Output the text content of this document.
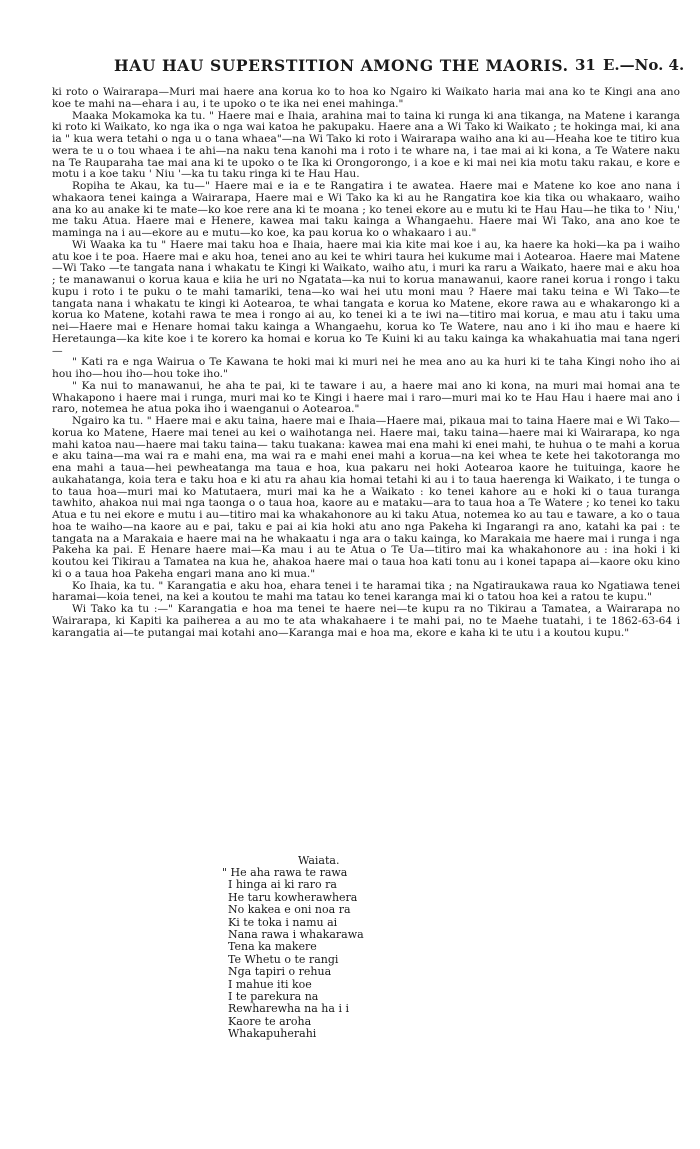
HAU HAU SUPERSTITION AMONG THE MAORIS. 31 E.—No. 4.

ki roto o Wairarapa—Muri mai haere ana korua ko to hoa ko Ngairo ki Waikato haria mai ana ko te Kingi ana ano koe te mahi na—ehara i au, i te upoko o te ika nei enei mahinga."

Maaka Mokamoka ka tu. " Haere mai e Ihaia, arahina mai to taina ki runga ki ana tikanga, na Matene i karanga ki roto ki Waikato, ko nga ika o nga wai katoa he pakupaku. Haere ana a Wi Tako ki Waikato ; te hokinga mai, ki ana ia " kua wera tetahi o nga u o tana whaea"—na Wi Tako ki roto i Wairarapa waiho ana ki au—Heaha koe te titiro kua wera te u o tou whaea i te ahi—na naku tena kanohi ma i roto i te whare na, i tae mai ai ki kona, a Te Watere naku na Te Rauparaha tae mai ana ki te upoko o te Ika ki Orongorongo, i a koe e ki mai nei kia motu taku rakau, e kore e motu i a koe taku ' Niu '—ka tu taku ringa ki te Hau Hau.

Ropiha te Akau, ka tu—" Haere mai e ia e te Rangatira i te awatea. Haere mai e Matene ko koe ano nana i whakaora tenei kainga a Wairarapa, Haere mai e Wi Tako ka ki au he Rangatira koe kia tika ou whakaaro, waiho ana ko au anake ki te mate—ko koe rere ana ki te moana ; ko tenei ekore au e mutu ki te Hau Hau—he tika to ' Niu,' me taku Atua. Haere mai e Henere, kawea mai taku kainga a Whangaehu. Haere mai Wi Tako, ana ano koe te maminga na i au—ekore au e mutu—ko koe, ka pau korua ko o whakaaro i au."

Wi Waaka ka tu " Haere mai taku hoa e Ihaia, haere mai kia kite mai koe i au, ka haere ka hoki—ka pa i waiho atu koe i te poa. Haere mai e aku hoa, tenei ano au kei te whiri taura hei kukume mai i Aotearoa. Haere mai Matene—Wi Tako —te tangata nana i whakatu te Kingi ki Waikato, waiho atu, i muri ka raru a Waikato, haere mai e aku hoa ; te manawanui o korua kaua e kiia he uri no Ngatata—ka nui to korua manawanui, kaore ranei korua i rongo i taku kupu i roto i te puku o te mahi tamariki, tena—ko wai hei utu moni mau ? Haere mai taku teina e Wi Tako—te tangata nana i whakatu te kingi ki Aotearoa, te whai tangata e korua ko Matene, ekore rawa au e whakarongo ki a korua ko Matene, kotahi rawa te mea i rongo ai au, ko tenei ki a te iwi na—titiro mai korua, e mau atu i taku uma nei—Haere mai e Henare homai taku kainga a Whangaehu, korua ko Te Watere, nau ano i ki iho mau e haere ki Heretaunga—ka kite koe i te korero ka homai e korua ko Te Kuini ki au taku kainga ka whakahuatia mai tana ngeri—

" Kati ra e nga Wairua o Te Kawana te hoki mai ki muri nei he mea ano au ka huri ki te taha Kingi noho iho ai hou iho—hou iho—hou toke iho."

" Ka nui to manawanui, he aha te pai, ki te taware i au, a haere mai ano ki kona, na muri mai homai ana te Whakapono i haere mai i runga, muri mai ko te Kingi i haere mai i raro—muri mai ko te Hau Hau i haere mai ano i raro, notemea he atua poka iho i waenganui o Aotearoa."

Ngairo ka tu. " Haere mai e aku taina, haere mai e Ihaia—Haere mai, pikaua mai to taina Haere mai e Wi Tako—korua ko Matene, Haere mai tenei au kei o waihotanga nei. Haere mai, taku taina—haere mai ki Wairarapa, ko nga mahi katoa nau—haere mai taku taina— taku tuakana: kawea mai ena mahi ki enei mahi, te huhua o te mahi a korua e aku taina—ma wai ra e mahi ena, ma wai ra e mahi enei mahi a korua—na kei whea te kete hei takotoranga mo ena mahi a taua—hei pewheatanga ma taua e hoa, kua pakaru nei hoki Aotearoa kaore he tuituinga, kaore he aukahatanga, koia tera e taku hoa e ki atu ra ahau kia homai tetahi ki au i to taua haerenga ki Waikato, i te tunga o to taua hoa—muri mai ko Matutaera, muri mai ka he a Waikato : ko tenei kahore au e hoki ki o taua turanga tawhito, ahakoa nui mai nga taonga o o taua hoa, kaore au e mataku—ara to taua hoa a Te Watere ; ko tenei ko taku Atua e tu nei ekore e mutu i au—titiro mai ka whakahonore au ki taku Atua, notemea ko au tau e taware, a ko o taua hoa te waiho—na kaore au e pai, taku e pai ai kia hoki atu ano nga Pakeha ki Ingarangi ra ano, katahi ka pai : te tangata na a Marakaia e haere mai na he whakaatu i nga ara o taku kainga, ko Marakaia me haere mai i runga i nga Pakeha ka pai. E Henare haere mai—Ka mau i au te Atua o Te Ua—titiro mai ka whakahonore au : ina hoki i ki koutou kei Tikirau a Tamatea na kua he, ahakoa haere mai o taua hoa kati tonu au i konei tapapa ai—kaore oku kino ki o a taua hoa Pakeha engari mana ano ki mua."

Ko Ihaia, ka tu. " Karangatia e aku hoa, ehara tenei i te haramai tika ; na Ngatiraukawa raua ko Ngatiawa tenei haramai—koia tenei, na kei a koutou te mahi ma tatau ko tenei karanga mai ki o tatou hoa kei a ratou te kupu."

Wi Tako ka tu :—" Karangatia e hoa ma tenei te haere nei—te kupu ra no Tikirau a Tamatea, a Wairarapa no Wairarapa, ki Kapiti ka paiherea a au mo te ata whakahaere i te mahi pai, no te Maehe tuatahi, i te 1862-63-64 i karangatia ai—te putangai mai kotahi ano—Karanga mai e hoa ma, ekore e kaha ki te utu i a koutou kupu."

Waiata.
" He aha rawa te rawa
I hinga ai ki raro ra
He taru kowherawhera
No kakea e oni noa ra
Ki te toka i namu ai
Nana rawa i whakarawa
Tena ka makere
Te Whetu o te rangi
Nga tapiri o rehua
I mahue iti koe
I te parekura na
Rewharewha na ha i i
Kaore te aroha
Whakapuherahi
